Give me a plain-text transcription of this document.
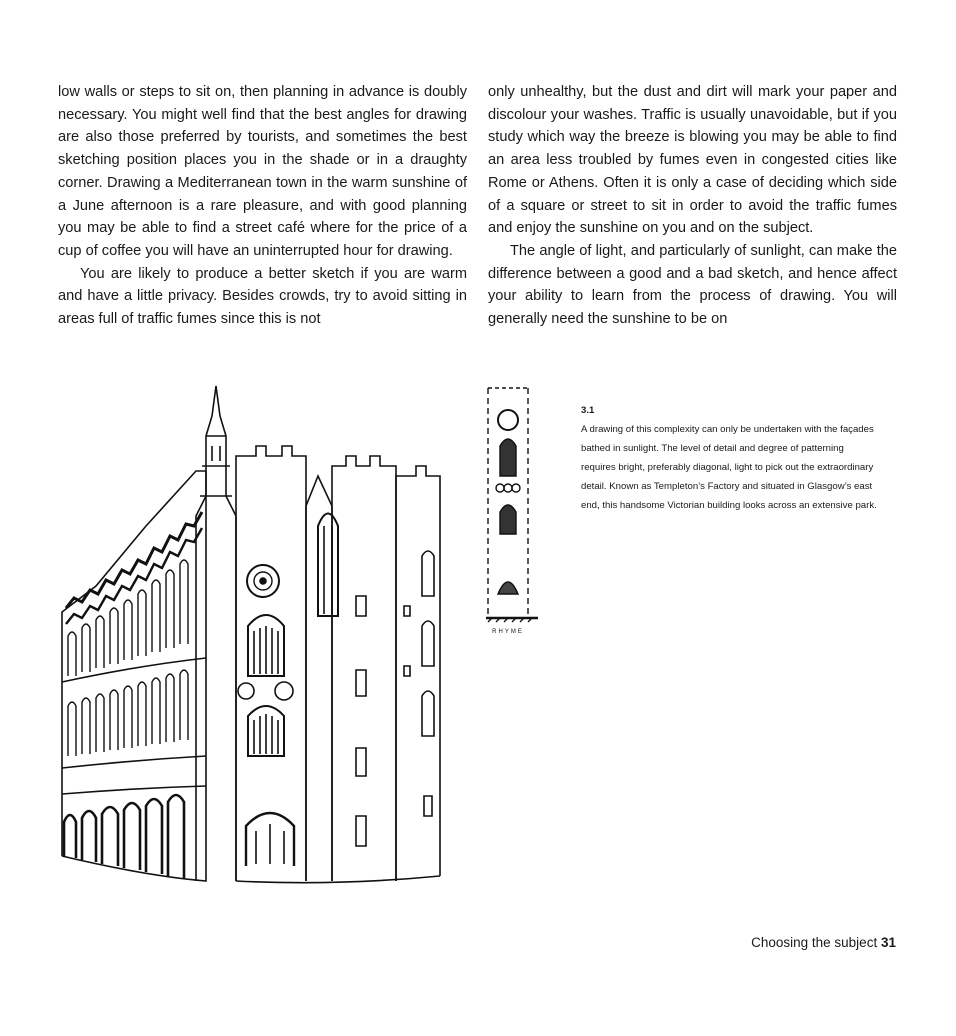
low walls or steps to sit on, then planning in advance is doubly necessary. You might well find that the best angles for drawing are also those preferred by tourists, and sometimes the best sketching position places you in the shade or in a draughty corner. Drawing a Mediterranean town in the warm sunshine of a June afternoon is a rare pleasure, and with good planning you may be able to find a street café where for the price of a cup of coffee you will have an uninterrupted hour for drawing.

You are likely to produce a better sketch if you are warm and have a little privacy. Besides crowds, try to avoid sitting in areas full of traffic fumes since this is not

only unhealthy, but the dust and dirt will mark your paper and discolour your washes. Traffic is usually unavoidable, but if you study which way the breeze is blowing you may be able to find an area less troubled by fumes even in congested cities like Rome or Athens. Often it is only a case of deciding which side of a square or street to sit in order to avoid the traffic fumes and enjoy the sunshine on you and on the subject.

The angle of light, and particularly of sunlight, can make the difference between a good and a bad sketch, and hence affect your ability to learn from the process of drawing. You will generally need the sunshine to be on

RHYME
3.1
A drawing of this complexity can only be undertaken with the façades bathed in sunlight. The level of detail and degree of patterning requires bright, preferably diagonal, light to pick out the extraordinary detail. Known as Templeton’s Factory and situated in Glasgow’s east end, this handsome Victorian building looks across an extensive park.
Choosing the subject 31
